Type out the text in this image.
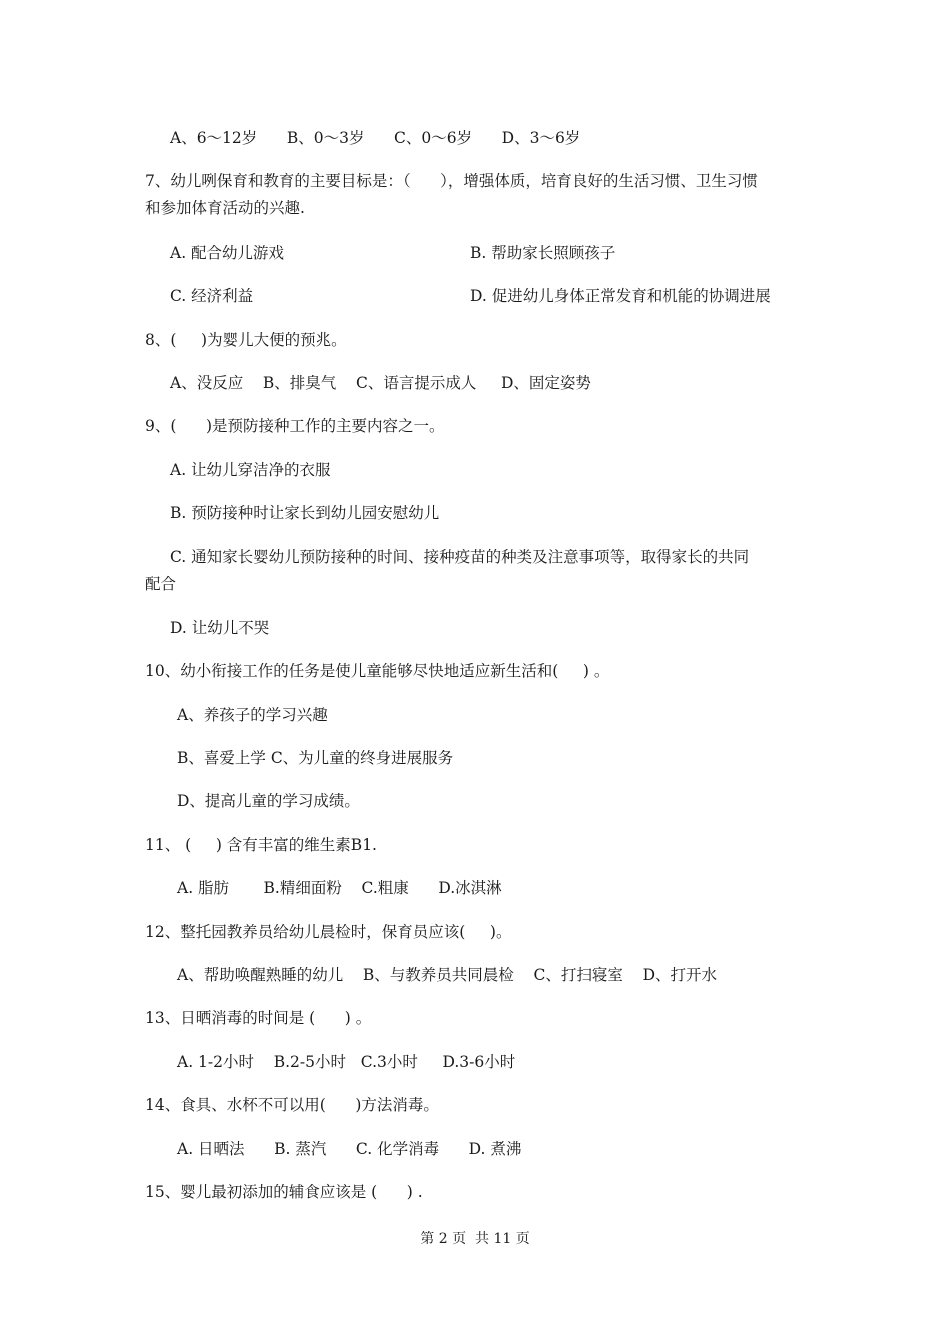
A、6～12岁      B、0～3岁      C、0～6岁      D、3～6岁
7、幼儿咧保育和教育的主要目标是：（      ），增强体质，培育良好的生活习惯、卫生习惯
和参加体育活动的兴趣.
A. 配合幼儿游戏	B. 帮助家长照顾孩子
C. 经济利益	D. 促进幼儿身体正常发育和机能的协调进展
8、(     )为婴儿大便的预兆。
A、没反应    B、排臭气    C、语言提示成人     D、固定姿势
9、(      )是预防接种工作的主要内容之一。
A. 让幼儿穿洁净的衣服
B. 预防接种时让家长到幼儿园安慰幼儿
C. 通知家长婴幼儿预防接种的时间、接种疫苗的种类及注意事项等，取得家长的共同
配合
D. 让幼儿不哭
10、幼小衔接工作的任务是使儿童能够尽快地适应新生活和(     ) 。
A、养孩子的学习兴趣
B、喜爱上学 C、为儿童的终身进展服务
D、提高儿童的学习成绩。
11、 (     ) 含有丰富的维生素B1.
A. 脂肪       B.精细面粉    C.粗康      D.冰淇淋
12、整托园教养员给幼儿晨检时，保育员应该(     )。
A、帮助唤醒熟睡的幼儿    B、与教养员共同晨检    C、打扫寝室    D、打开水
13、日晒消毒的时间是 (      ) 。
A. 1-2小时    B.2-5小时   C.3小时     D.3-6小时
14、食具、水杯不可以用(      )方法消毒。
A. 日晒法      B. 蒸汽      C. 化学消毒      D. 煮沸
15、婴儿最初添加的辅食应该是 (      ) .
第 2 页  共 11 页
